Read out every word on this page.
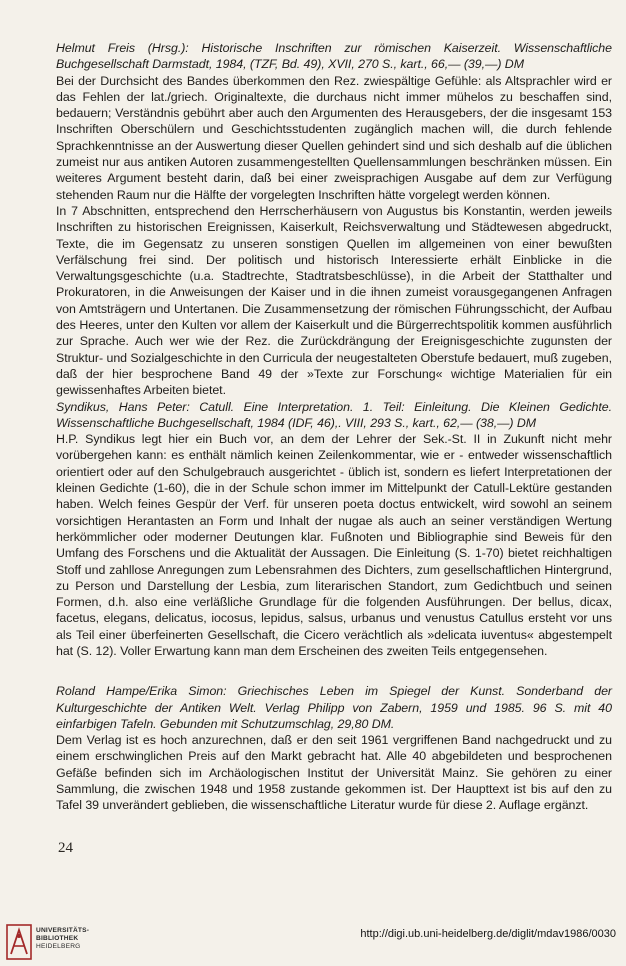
Helmut Freis (Hrsg.): Historische Inschriften zur römischen Kaiserzeit. Wissenschaftliche Buchgesellschaft Darmstadt, 1984, (TZF, Bd. 49), XVII, 270 S., kart., 66,— (39,—) DM
Bei der Durchsicht des Bandes überkommen den Rez. zwiespältige Gefühle: als Altsprachler wird er das Fehlen der lat./griech. Originaltexte, die durchaus nicht immer mühelos zu beschaffen sind, bedauern; Verständnis gebührt aber auch den Argumenten des Herausgebers, der die insgesamt 153 Inschriften Oberschülern und Geschichtsstudenten zugänglich machen will, die durch fehlende Sprachkenntnisse an der Auswertung dieser Quellen gehindert sind und sich deshalb auf die üblichen zumeist nur aus antiken Autoren zusammengestellten Quellensammlungen beschränken müssen. Ein weiteres Argument besteht darin, daß bei einer zweisprachigen Ausgabe auf dem zur Verfügung stehenden Raum nur die Hälfte der vorgelegten Inschriften hätte vorgelegt werden können.
In 7 Abschnitten, entsprechend den Herrscherhäusern von Augustus bis Konstantin, werden jeweils Inschriften zu historischen Ereignissen, Kaiserkult, Reichsverwaltung und Städtewesen abgedruckt, Texte, die im Gegensatz zu unseren sonstigen Quellen im allgemeinen von einer bewußten Verfälschung frei sind. Der politisch und historisch Interessierte erhält Einblicke in die Verwaltungsgeschichte (u.a. Stadtrechte, Stadtratsbeschlüsse), in die Arbeit der Statthalter und Prokuratoren, in die Anweisungen der Kaiser und in die ihnen zumeist vorausgegangenen Anfragen von Amtsträgern und Untertanen. Die Zusammensetzung der römischen Führungsschicht, der Aufbau des Heeres, unter den Kulten vor allem der Kaiserkult und die Bürgerrechtspolitik kommen ausführlich zur Sprache. Auch wer wie der Rez. die Zurückdrängung der Ereignisgeschichte zugunsten der Struktur- und Sozialgeschichte in den Curricula der neugestalteten Oberstufe bedauert, muß zugeben, daß der hier besprochene Band 49 der »Texte zur Forschung« wichtige Materialien für ein gewissenhaftes Arbeiten bietet.
Syndikus, Hans Peter: Catull. Eine Interpretation. 1. Teil: Einleitung. Die Kleinen Gedichte. Wissenschaftliche Buchgesellschaft, 1984 (IDF, 46),. VIII, 293 S., kart., 62,— (38,—) DM
H.P. Syndikus legt hier ein Buch vor, an dem der Lehrer der Sek.-St. II in Zukunft nicht mehr vorübergehen kann: es enthält nämlich keinen Zeilenkommentar, wie er - entweder wissenschaftlich orientiert oder auf den Schulgebrauch ausgerichtet - üblich ist, sondern es liefert Interpretationen der kleinen Gedichte (1-60), die in der Schule schon immer im Mittelpunkt der Catull-Lektüre gestanden haben. Welch feines Gespür der Verf. für unseren poeta doctus entwickelt, wird sowohl an seinem vorsichtigen Herantasten an Form und Inhalt der nugae als auch an seiner verständigen Wertung herkömmlicher oder moderner Deutungen klar. Fußnoten und Bibliographie sind Beweis für den Umfang des Forschens und die Aktualität der Aussagen. Die Einleitung (S. 1-70) bietet reichhaltigen Stoff und zahllose Anregungen zum Lebensrahmen des Dichters, zum gesellschaftlichen Hintergrund, zu Person und Darstellung der Lesbia, zum literarischen Standort, zum Gedichtbuch und seinen Formen, d.h. also eine verläßliche Grundlage für die folgenden Ausführungen. Der bellus, dicax, facetus, elegans, delicatus, iocosus, lepidus, salsus, urbanus und venustus Catullus ersteht vor uns als Teil einer überfeinerten Gesellschaft, die Cicero verächtlich als »delicata iuventus« abgestempelt hat (S. 12). Voller Erwartung kann man dem Erscheinen des zweiten Teils entgegensehen.
Roland Hampe/Erika Simon: Griechisches Leben im Spiegel der Kunst. Sonderband der Kulturgeschichte der Antiken Welt. Verlag Philipp von Zabern, 1959 und 1985. 96 S. mit 40 einfarbigen Tafeln. Gebunden mit Schutzumschlag, 29,80 DM.
Dem Verlag ist es hoch anzurechnen, daß er den seit 1961 vergriffenen Band nachgedruckt und zu einem erschwinglichen Preis auf den Markt gebracht hat. Alle 40 abgebildeten und besprochenen Gefäße befinden sich im Archäologischen Institut der Universität Mainz. Sie gehören zu einer Sammlung, die zwischen 1948 und 1958 zustande gekommen ist. Der Haupttext ist bis auf den zu Tafel 39 unverändert geblieben, die wissenschaftliche Literatur wurde für diese 2. Auflage ergänzt.
24
UNIVERSITÄTS-
BIBLIOTHEK
HEIDELBERG
http://digi.ub.uni-heidelberg.de/diglit/mdav1986/0030
